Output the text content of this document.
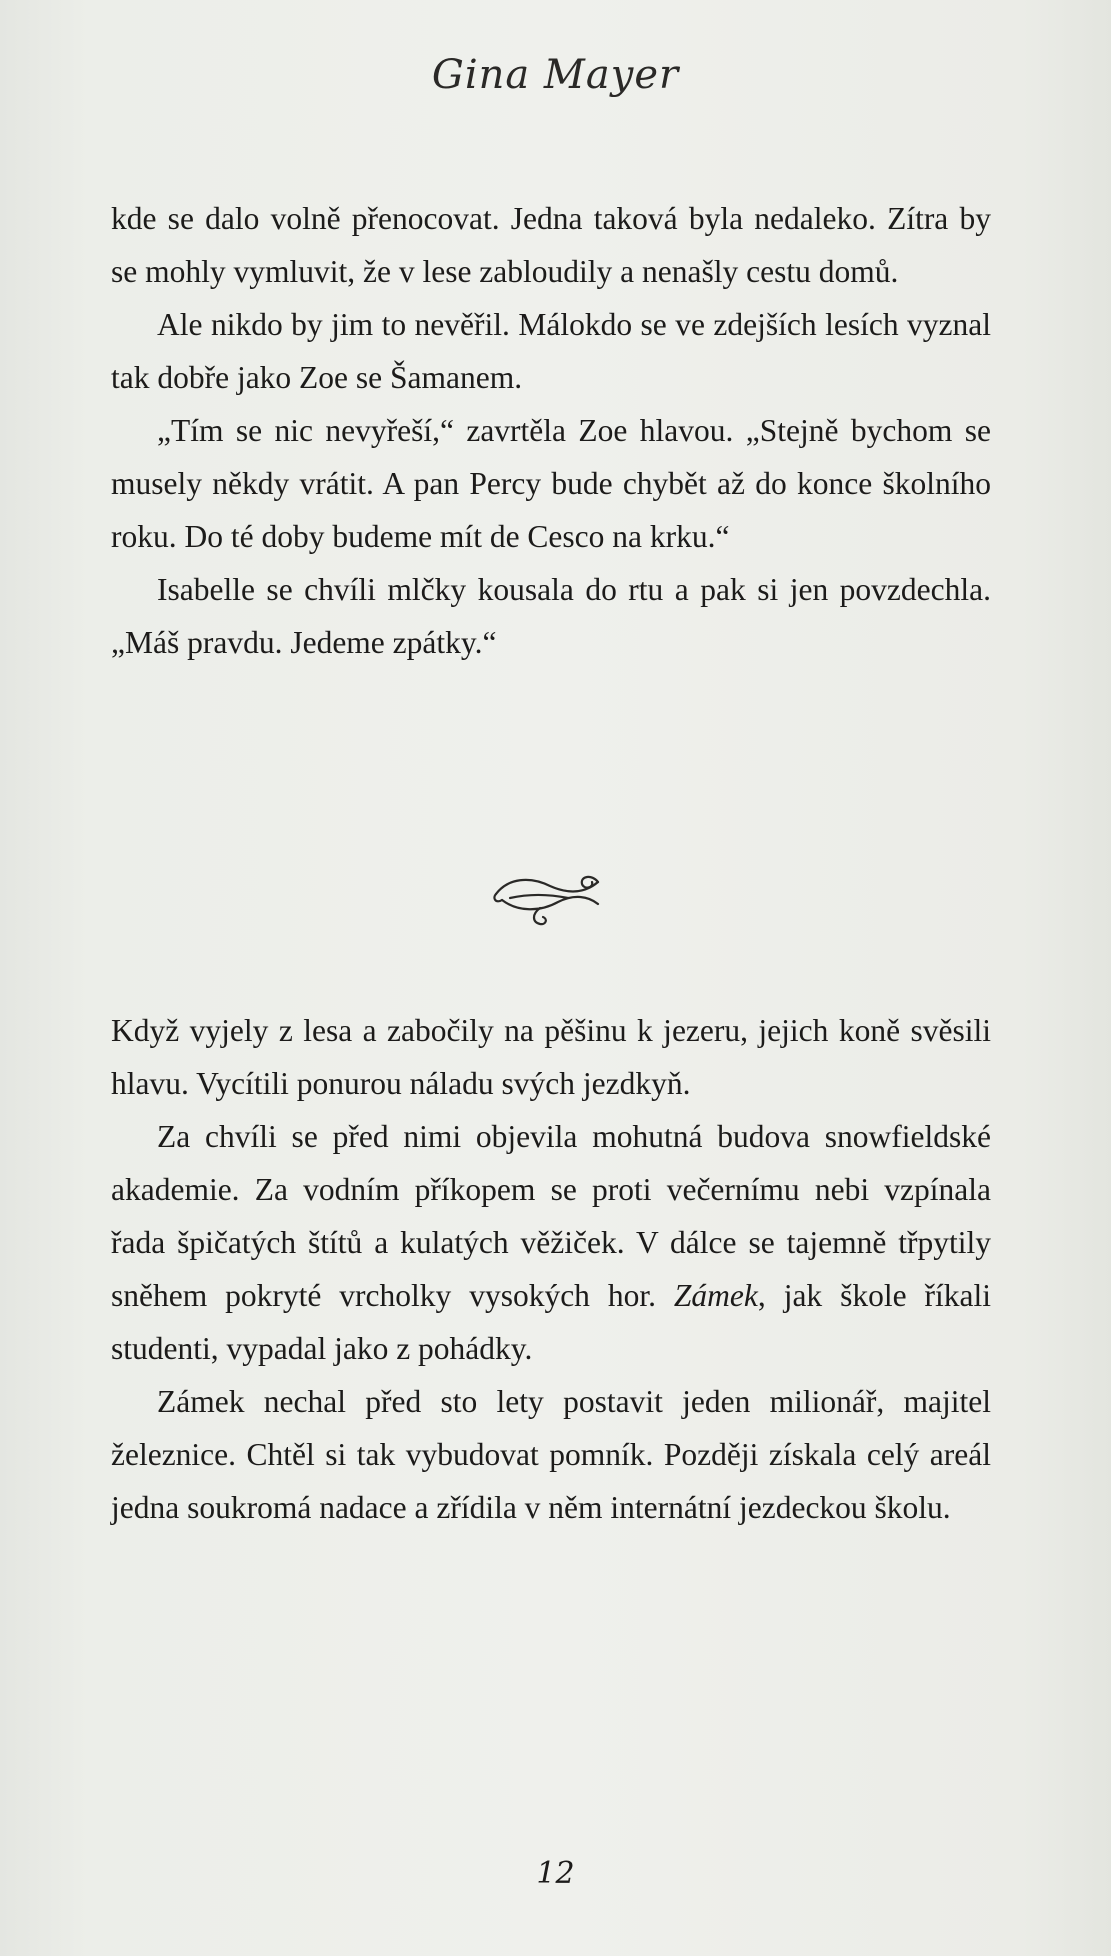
Gina Mayer

kde se dalo volně přenocovat. Jedna taková byla nedaleko. Zítra by se mohly vymluvit, že v lese zabloudily a nenašly cestu domů.

Ale nikdo by jim to nevěřil. Málokdo se ve zdejších lesích vyznal tak dobře jako Zoe se Šamanem.

„Tím se nic nevyřeší,“ zavrtěla Zoe hlavou. „Stejně bychom se musely někdy vrátit. A pan Percy bude chybět až do konce školního roku. Do té doby budeme mít de Cesco na krku.“

Isabelle se chvíli mlčky kousala do rtu a pak si jen povzdechla. „Máš pravdu. Jedeme zpátky.“

Když vyjely z lesa a zabočily na pěšinu k jezeru, jejich koně svěsili hlavu. Vycítili ponurou náladu svých jezdkyň.

Za chvíli se před nimi objevila mohutná budova snowfieldské akademie. Za vodním příkopem se proti večernímu nebi vzpínala řada špičatých štítů a kulatých věžiček. V dálce se tajemně třpytily sněhem pokryté vrcholky vysokých hor. Zámek, jak škole říkali studenti, vypadal jako z pohádky.

Zámek nechal před sto lety postavit jeden milionář, majitel železnice. Chtěl si tak vybudovat pomník. Později získala celý areál jedna soukromá nadace a zřídila v něm internátní jezdeckou školu.

12
